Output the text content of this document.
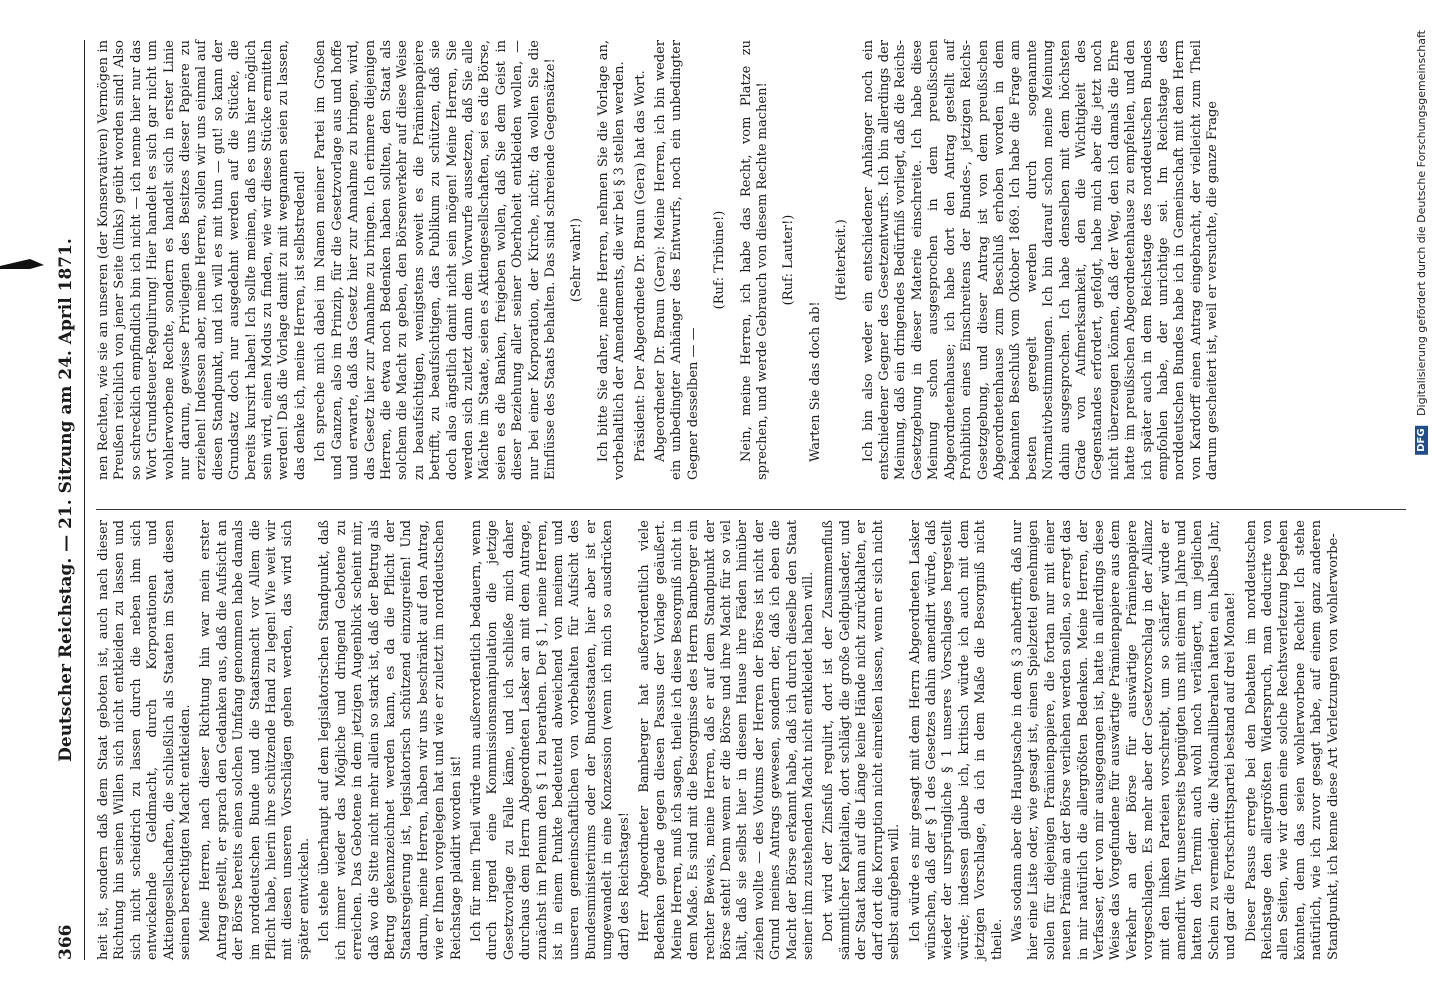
366
Deutscher Reichstag. — 21. Sitzung am 24. April 1871. heit ist, sondern daß dem Staat geboten ist, auch nach dieser Richtung hin seinen Willen sich nicht entkleiden zu lassen und sich nicht scheidrich zu lassen durch die neben ihm sich entwickelnde Geldmacht, durch Korporationen und Aktiengesellschaften, die schließlich als Staaten im Staat diesen seinen berechtigten Macht entkleiden. Meine Herren, nach dieser Richtung hin war mein erster Antrag gestellt, er sprach den Gedanken aus, daß die Aufsicht an der Börse bereits einen solchen Umfang genommen habe damals im norddeutschen Bunde und die Staatsmacht vor Allem die Pflicht habe, hierin ihre schützende Hand zu legen! Wie weit wir mit diesen unseren Vorschlägen gehen werden, das wird sich später entwickeln. Ich stehe überhaupt auf dem legislatorischen Standpunkt, daß ich immer wieder das Mögliche und dringend Gebotene zu erreichen. Das Gebotene in dem jetzigen Augenblick scheint mir, daß wo die Sitte nicht mehr allein so stark ist, daß der Betrug als Betrug gekennzeichnet werden kann, es da die Pflicht der Staatsregierung ist, legislatorisch schützend einzugreifen! Und darum, meine Herren, haben wir uns beschränkt auf den Antrag, wie er Ihnen vorgelegen hat und wie er zuletzt im norddeutschen Reichstage plaidirt worden ist! Ich für mein Theil würde nun außerordentlich bedauern, wenn durch irgend eine Kommissionsmanipulation die jetzige Gesetzvorlage zu Falle käme, und ich schließe mich daher durchaus dem Herrn Abgeordneten Lasker an mit dem Antrage, zunächst im Plenum den § 1 zu berathen. Der § 1, meine Herren, ist in einem Punkte bedeutend abweichend von meinem und unseren gemeinschaftlichen von vorbehalten für Aufsicht des Bundesministeriums oder der Bundesstaaten, hier aber ist er umgewandelt in eine Konzession (wenn ich mich so ausdrücken darf) des Reichstages! Herr Abgeordneter Bamberger hat außerordentlich viele Bedenken gerade gegen diesen Passus der Vorlage geäußert. Meine Herren, muß ich sagen, theile ich diese Besorgniß nicht in dem Maße. Es sind mit die Besorgnisse des Herrn Bamberger ein rechter Beweis, meine Herren, daß er auf dem Standpunkt der Börse steht! Denn wenn er die Börse und ihre Macht für so viel hält, daß sie selbst hier in diesem Hause ihre Fäden hinüber ziehen wollte — des Votums der Herren der Börse ist nicht der Grund meines Antrags gewesen, sondern der, daß ich eben die Macht der Börse erkannt habe, daß ich durch dieselbe den Staat seiner ihm zustehenden Macht nicht entkleidet haben will. Dort wird der Zinsfuß regulirt, dort ist der Zusammenfluß sämmtlicher Kapitalien, dort schlägt die große Geldpulsader, und der Staat kann auf die Länge keine Hände nicht zurückhalten, er darf dort die Korruption nicht einreißen lassen, wenn er sich nicht selbst aufgeben will. Ich würde es mir gesagt mit dem Herrn Abgeordneten Lasker wünschen, daß der § 1 des Gesetzes dahin amendirt würde, daß wieder der ursprüngliche § 1 unseres Vorschlages hergestellt würde; indessen glaube ich, kritisch würde ich auch mit dem jetzigen Vorschlage, da ich in dem Maße die Besorgniß nicht theile. Was sodann aber die Hauptsache in dem § 3 anbetrifft, daß nur hier eine Liste oder, wie gesagt ist, einen Spielzettel genehmigen sollen für diejenigen Prämienpapiere, die fortan nur mit einer neuen Prämie an der Börse verliehen werden sollen, so erregt das in mir natürlich die allergrößten Bedenken. Meine Herren, der Verfasser, der von mir ausgegangen ist, hatte in allerdings diese Weise das Vorgefundene für auswärtige Prämienpapiere aus dem Verkehr an der Börse für auswärtige Prämienpapiere vorgeschlagen. Es mehr aber der Gesetzvorschlag in der Allianz mit den linken Parteien vorschreibt, um so schärfer würde er amendirt. Wir unsererseits begnügten uns mit einem in Jahre und hatten den Termin auch wohl noch verlängert, um jeglichen Schein zu vermeiden; die Nationalliberalen hatten ein halbes Jahr, und gar die Fortschrittspartei bestand auf drei Monate! Dieser Passus erregte bei den Debatten im norddeutschen Reichstage den allergrößten Widerspruch, man deducirte von allen Seiten, wie wir denn eine solche Rechtsverletzung begehen könnten, denn das seien wohlerworbene Rechte! Ich stehe natürlich, wie ich zuvor gesagt habe, auf einem ganz anderen Standpunkt, ich kenne diese Art Verletzungen von wohlerworbe-

nen Rechten, wie sie an unseren (der Konservativen) Vermögen in Preußen reichlich von jener Seite (links) geübt worden sind! Also so schrecklich empfindlich bin ich nicht — ich nenne hier nur das Wort Grundsteuer-Regulirung! Hier handelt es sich gar nicht um wohlerworbene Rechte, sondern es handelt sich in erster Linie nur darum, gewisse Privilegien des Besitzes dieser Papiere zu erziehen! Indessen aber, meine Herren, sollen wir uns einmal auf diesen Standpunkt, und ich will es mit thun — gut! so kann der Grundsatz doch nur ausgedehnt werden auf die Stücke, die bereits kursirt haben! Ich sollte meinen, daß es uns hier möglich sein wird, einen Modus zu finden, wie wir diese Stücke ermitteln werden! Daß die Vorlage damit zu mit wegnamen seien zu lassen, das denke ich, meine Herren, ist selbstredend! Ich spreche mich dabei im Namen meiner Partei im Großen und Ganzen, also im Prinzip, für die Gesetzvorlage aus und hoffe und erwarte, daß das Gesetz hier zur Annahme zu bringen, wird, das Gesetz hier zur Annahme zu bringen. Ich erinnere diejenigen Herren, die etwa noch Bedenken haben sollten, den Staat als solchem die Macht zu geben, den Börsenverkehr auf diese Weise zu beaufsichtigen, wenigstens soweit es die Prämienpapiere betrifft, zu beaufsichtigen, das Publikum zu schützen, daß sie doch also ängstlich damit nicht sein mögen! Meine Herren, Sie werden sich zuletzt dann dem Vorwurfe aussetzen, daß Sie alle Mächte im Staate, seien es Aktiengesellschaften, sei es die Börse, seien es die Banken, freigeben wollen, daß Sie dem Geist in dieser Beziehung aller seiner Oberhoheit entkleiden wollen, — nur bei einer Korporation, der Kirche, nicht; da wollen Sie die Einflüsse des Staats behalten. Das sind schreiende Gegensätze! (Sehr wahr!) Ich bitte Sie daher, meine Herren, nehmen Sie die Vorlage an, vorbehaltlich der Amendements, die wir bei § 3 stellen werden. Präsident: Der Abgeordnete Dr. Braun (Gera) hat das Wort. Abgeordneter Dr. Braun (Gera): Meine Herren, ich bin weder ein unbedingter Anhänger des Entwurfs, noch ein unbedingter Gegner desselben — —

(Ruf: Tribüne!) Nein, meine Herren, ich habe das Recht, vom Platze zu sprechen, und werde Gebrauch von diesem Rechte machen! (Ruf: Lauter!)

Warten Sie das doch ab!

(Heiterkeit.) Ich bin also weder ein entschiedener Anhänger noch ein entschiedener Gegner des Gesetzentwurfs. Ich bin allerdings der Meinung, daß ein dringendes Bedürfniß vorliegt, daß die Reichs-Gesetzgebung in dieser Materie einschreite. Ich habe diese Meinung schon ausgesprochen in dem preußischen Abgeordnetenhause; ich habe dort den Antrag gestellt auf Prohibition eines Einschreitens der Bundes-, jetzigen Reichs-Gesetzgebung, und dieser Antrag ist von dem preußischen Abgeordnetenhause zum Beschluß erhoben worden in dem bekannten Beschluß vom Oktober 1869. Ich habe die Frage am besten geregelt werden durch sogenannte Normativbestimmungen. Ich bin darauf schon meine Meinung dahin ausgesprochen. Ich habe denselben mit dem höchsten Grade von Aufmerksamkeit, den die Wichtigkeit des Gegenstandes erfordert, gefolgt, habe mich aber die jetzt noch nicht überzeugen können, daß der Weg, den ich damals die Ehre hatte im preußischen Abgeordnetenhause zu empfehlen, und den ich später auch in dem Reichstage des norddeutschen Bundes empfohlen habe, der unrichtige sei. Im Reichstage des norddeutschen Bundes habe ich in Gemeinschaft mit dem Herrn von Kardorff einen Antrag eingebracht, der vielleicht zum Theil darum gescheitert ist, weil er versuchte, die ganze Frage	DFG Digitalisierung gefördert durch die Deutsche Forschungsgemeinschaft
